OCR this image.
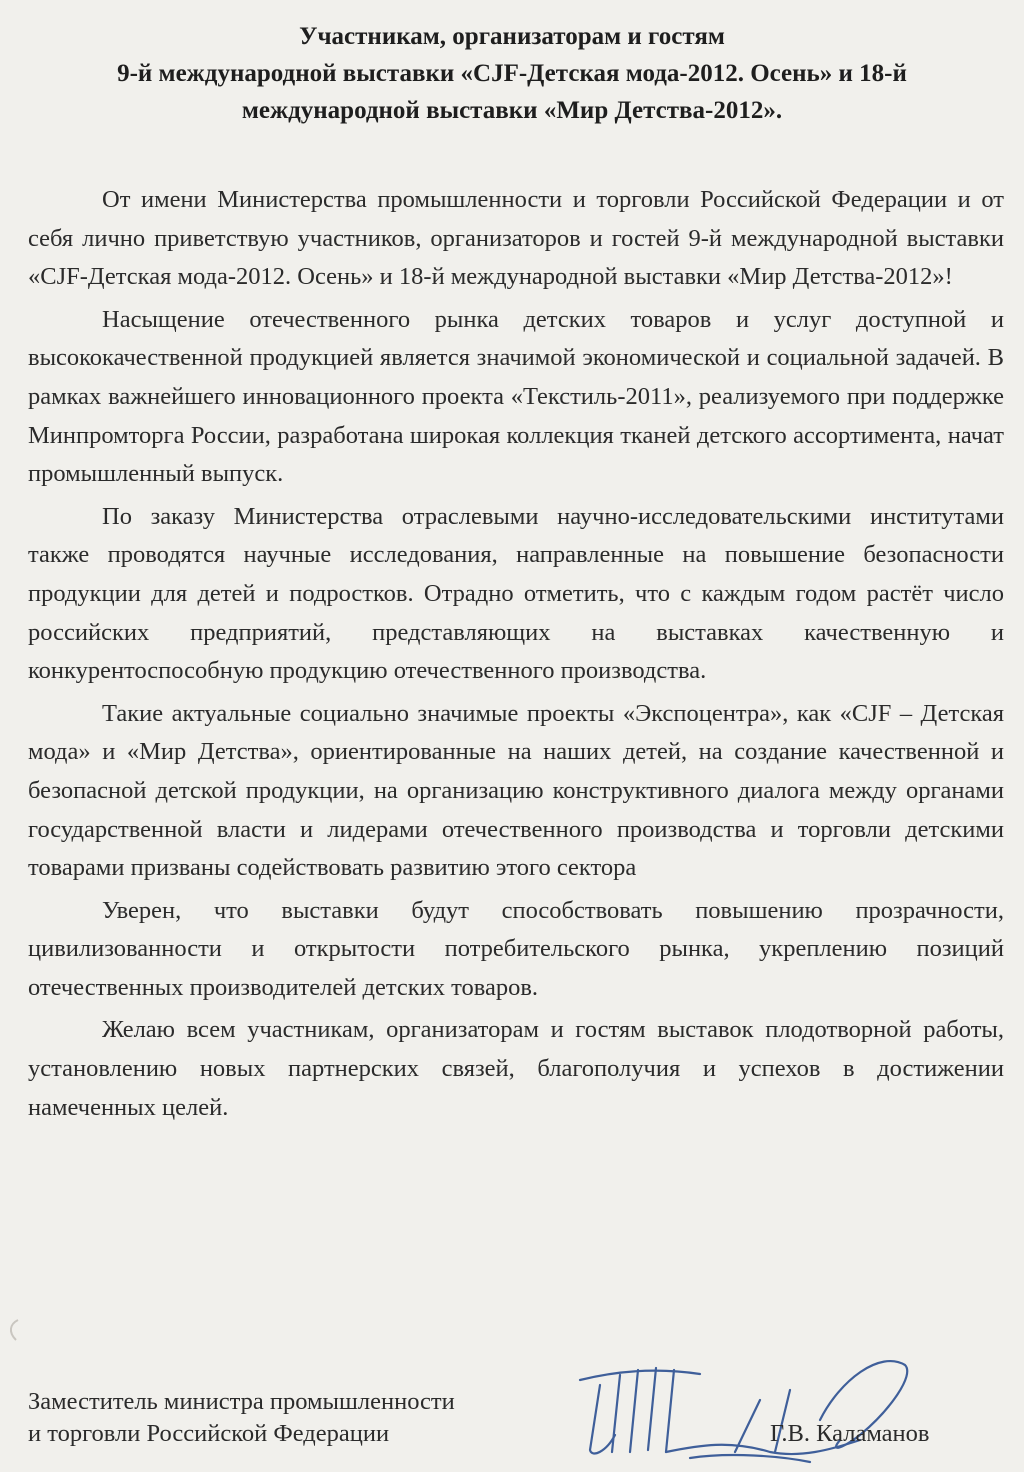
Участникам, организаторам и гостям
9-й международной выставки «CJF-Детская мода-2012. Осень» и 18-й
международной выставки «Мир Детства-2012».

От имени Министерства промышленности и торговли Российской Федерации и от себя лично приветствую участников, организаторов и гостей 9-й международной выставки «CJF-Детская мода-2012. Осень» и 18-й международной выставки «Мир Детства-2012»!

Насыщение отечественного рынка детских товаров и услуг доступной и высококачественной продукцией является значимой экономической и социальной задачей. В рамках важнейшего инновационного проекта «Текстиль-2011», реализуемого при поддержке Минпромторга России, разработана широкая коллекция тканей детского ассортимента, начат промышленный выпуск.

По заказу Министерства отраслевыми научно-исследовательскими институтами также проводятся научные исследования, направленные на повышение безопасности продукции для детей и подростков. Отрадно отметить, что с каждым годом растёт число российских предприятий, представляющих на выставках качественную и конкурентоспособную продукцию отечественного производства.

Такие актуальные социально значимые проекты «Экспоцентра», как «CJF – Детская мода» и «Мир Детства», ориентированные на наших детей, на создание качественной и безопасной детской продукции, на организацию конструктивного диалога между органами государственной власти и лидерами отечественного производства и торговли детскими товарами призваны содействовать развитию этого сектора

Уверен, что выставки будут способствовать повышению прозрачности, цивилизованности и открытости потребительского рынка, укреплению позиций отечественных производителей детских товаров.

Желаю всем участникам, организаторам и гостям выставок плодотворной работы, установлению новых партнерских связей, благополучия и успехов в достижении намеченных целей.

Заместитель министра промышленности
и торговли Российской Федерации	Г.В. Каламанов
